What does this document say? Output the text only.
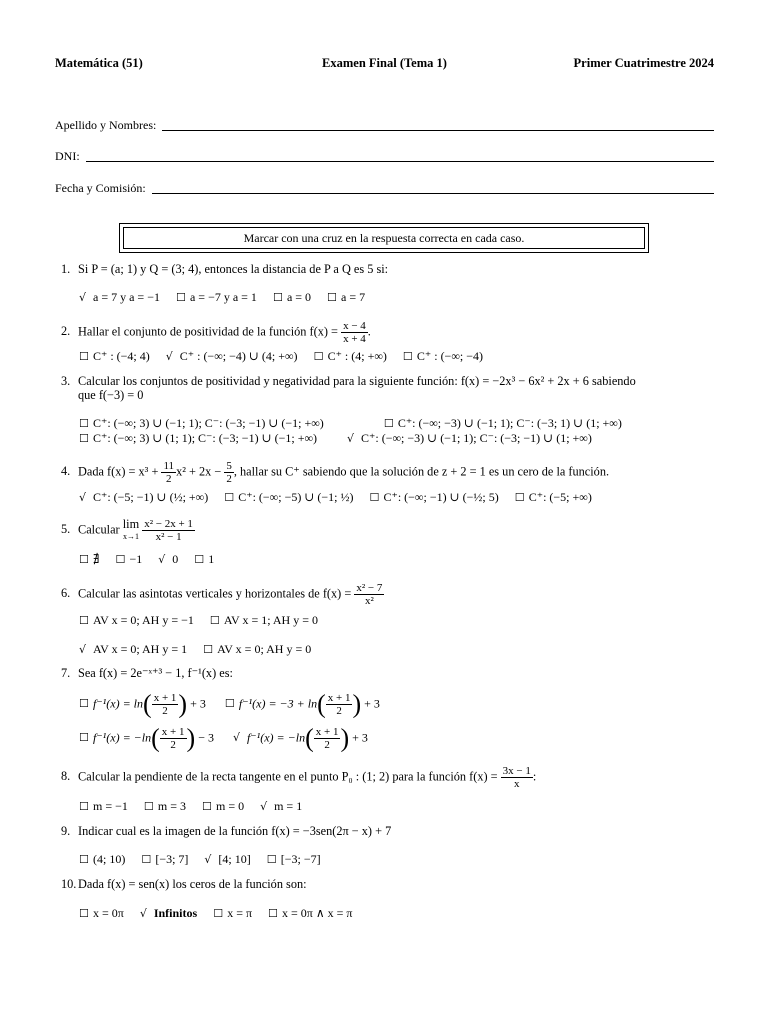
Matemática (51)	Examen Final (Tema 1)	Primer Cuatrimestre 2024
Apellido y Nombres:
DNI:
Fecha y Comisión:
Marcar con una cruz en la respuesta correcta en cada caso.
1. Si P = (a; 1) y Q = (3; 4), entonces la distancia de P a Q es 5 si:
√ a = 7 y a = −1 ☐ a = −7 y a = 1 ☐ a = 0 ☐ a = 7
2. Hallar el conjunto de positividad de la función $f(x) = \frac{x - 4}{x + 4}$ .
☐ C⁺ : (−4; 4) √ C⁺ : (−∞; −4) ∪ (4; +∞) ☐ C⁺ : (4; +∞) ☐ C⁺ : (−∞; −4)
3. Calcular los conjuntos de positividad y negatividad para la siguiente función: f(x) = −2x³ − 6x² + 2x + 6 sabiendo
que f(−3) = 0
☐ C⁺: (−∞; 3) ∪ (−1; 1); C⁻: (−3; −1) ∪ (−1; +∞)	☐ C⁺: (−∞; −3) ∪ (−1; 1); C⁻: (−3; 1) ∪ (1; +∞)
☐ C⁺: (−∞; 3) ∪ (1; 1); C⁻: (−3; −1) ∪ (−1; +∞)	√ C⁺: (−∞; −3) ∪ (−1; 1); C⁻: (−3; −1) ∪ (1; +∞)
4. Dada $f(x) = x^3 + \frac{11}{2} x^2 + 2x - \frac{5}{2}$ , hallar su C⁺ sabiendo que la solución de z + 2 = 1 es un cero de la función.
√ C⁺: (−5; −1) ∪ (½; +∞) ☐ C⁺: (−∞; −5) ∪ (−1; ½) ☐ C⁺: (−∞; −1) ∪ (−½; 5) ☐ C⁺: (−5; +∞)
5. Calcular lim
$x\to 1 \frac{\text{x² − 2x + 1}}{\text{x² − 1}}$
☐ ∄ ☐ −1 √ 0 ☐ 1
6. Calcular las asintotas verticales y horizontales de $f(x) = \frac{\text{x² − 7}}{\text{x²}}$
☐ AV x = 0; AH y = −1 ☐ AV x = 1; AH y = 0
√ AV x = 0; AH y = 1 ☐ AV x = 0; AH y = 0
7. Sea f(x) = 2e⁻ˣ⁺³ − 1, f⁻¹(x) es:
☐ $f^{-1}(x) = \ln( \frac{x + 1}{2}$ ) + 3 ☐ $f^{-1}(x) = -3 + \ln( \frac{x + 1}{2}$ ) + 3
☐ $f^{-1}(x) = -\ln( \frac{x + 1}{2}$ ) − 3 √ $f^{-1}(x) = -\ln( \frac{x + 1}{2}$ ) + 3
8. Calcular la pendiente de la recta tangente en el punto P₀ : (1; 2) para la función $f(x) = \frac{3x - 1}{x}$ :
☐ m = −1 ☐ m = 3 ☐ m = 0 √ m = 1
9. Indicar cual es la imagen de la función f(x) = −3sen(2π − x) + 7
☐ (4; 10) ☐ [−3; 7] √ [4; 10] ☐ [−3; −7]
10. Dada f(x) = sen(x) los ceros de la función son:
☐ x = 0π √ Infinitos ☐ x = π ☐ x = 0π ∧ x = π
